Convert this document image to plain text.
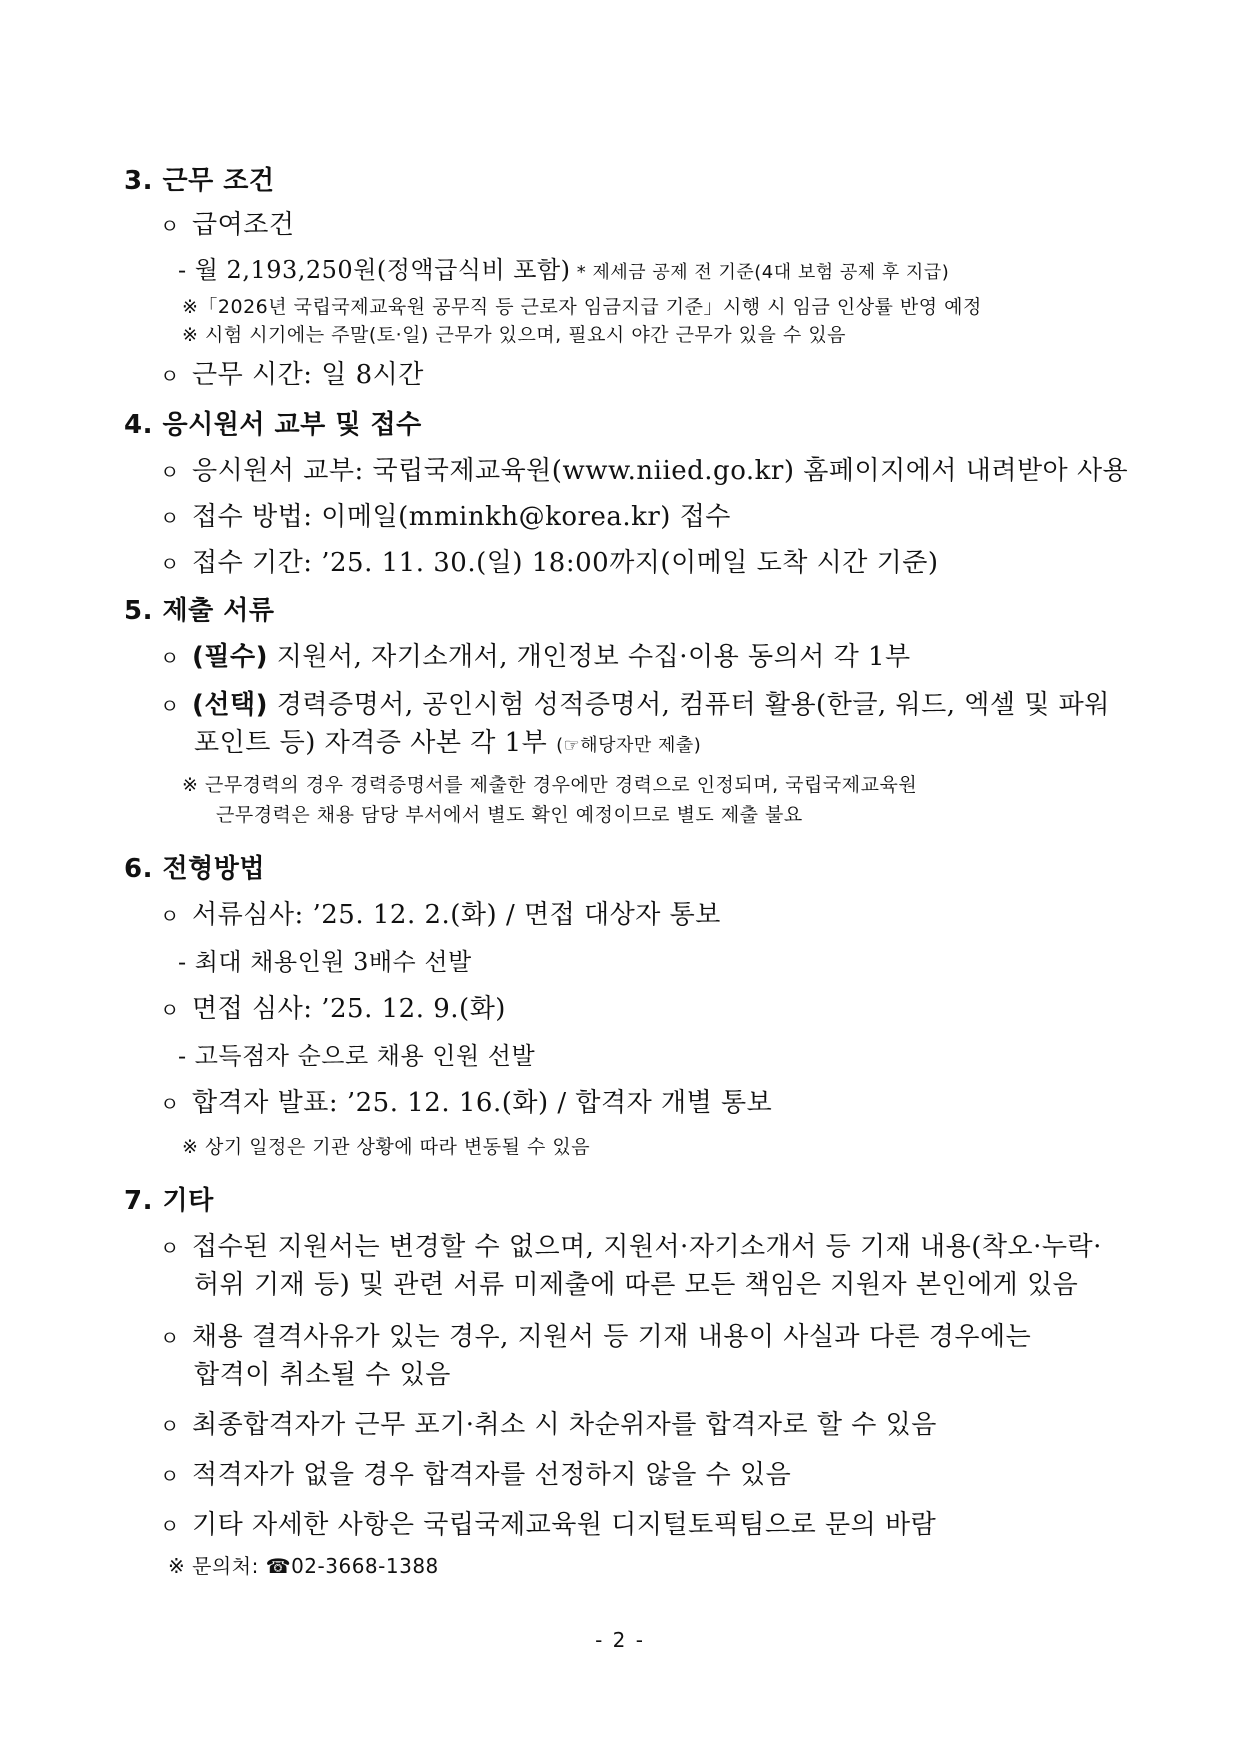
3. 근무 조건
ㅇ 급여조건
- 월 2,193,250원(정액급식비 포함) * 제세금 공제 전 기준(4대 보험 공제 후 지급)
※「2026년 국립국제교육원 공무직 등 근로자 임금지급 기준」시행 시 임금 인상률 반영 예정
※ 시험 시기에는 주말(토·일) 근무가 있으며, 필요시 야간 근무가 있을 수 있음
ㅇ 근무 시간: 일 8시간
4. 응시원서 교부 및 접수
ㅇ 응시원서 교부: 국립국제교육원(www.niied.go.kr) 홈페이지에서 내려받아 사용
ㅇ 접수 방법: 이메일(mminkh@korea.kr) 접수
ㅇ 접수 기간: ’25. 11. 30.(일) 18:00까지(이메일 도착 시간 기준)
5. 제출 서류
ㅇ (필수) 지원서, 자기소개서, 개인정보 수집·이용 동의서 각 1부
ㅇ (선택) 경력증명서, 공인시험 성적증명서, 컴퓨터 활용(한글, 워드, 엑셀 및 파워
포인트 등) 자격증 사본 각 1부 (☞해당자만 제출)
※ 근무경력의 경우 경력증명서를 제출한 경우에만 경력으로 인정되며, 국립국제교육원
근무경력은 채용 담당 부서에서 별도 확인 예정이므로 별도 제출 불요
6. 전형방법
ㅇ 서류심사: ’25. 12. 2.(화) / 면접 대상자 통보
- 최대 채용인원 3배수 선발
ㅇ 면접 심사: ’25. 12. 9.(화)
- 고득점자 순으로 채용 인원 선발
ㅇ 합격자 발표: ’25. 12. 16.(화) / 합격자 개별 통보
※ 상기 일정은 기관 상황에 따라 변동될 수 있음
7. 기타
ㅇ 접수된 지원서는 변경할 수 없으며, 지원서·자기소개서 등 기재 내용(착오·누락·
허위 기재 등) 및 관련 서류 미제출에 따른 모든 책임은 지원자 본인에게 있음
ㅇ 채용 결격사유가 있는 경우, 지원서 등 기재 내용이 사실과 다른 경우에는
합격이 취소될 수 있음
ㅇ 최종합격자가 근무 포기·취소 시 차순위자를 합격자로 할 수 있음
ㅇ 적격자가 없을 경우 합격자를 선정하지 않을 수 있음
ㅇ 기타 자세한 사항은 국립국제교육원 디지털토픽팀으로 문의 바람
※ 문의처: ☎02-3668-1388
- 2 -
